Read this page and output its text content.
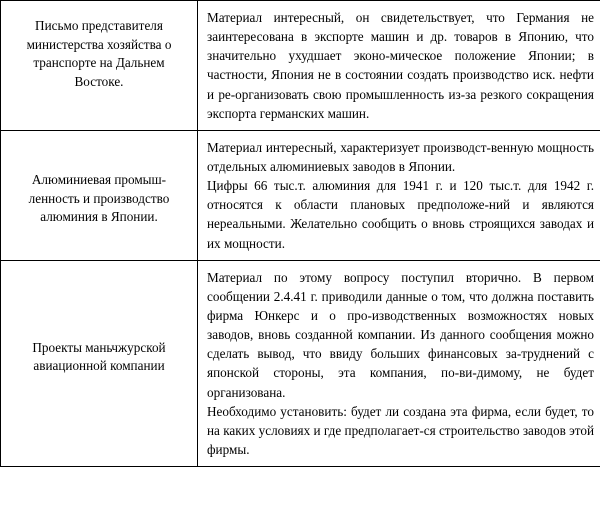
Письмо представителя министерства хозяйства о транспорте на Дальнем Востоке.	Материал интересный, он свидетельствует, что Германия не заинтересована в экспорте машин и др. товаров в Японию, что значительно ухудшает эконо-мическое положение Японии; в частности, Япония не в состоянии создать производство иск. нефти и ре-организовать свою промышленность из-за резкого сокращения экспорта германских машин.

Алюминиевая промыш-ленность и производство алюминия в Японии.	Материал интересный, характеризует производст-венную мощность отдельных алюминиевых заводов в Японии.

Цифры 66 тыс.т. алюминия для 1941 г. и 120 тыс.т. для 1942 г. относятся к области плановых предположе-ний и являются нереальными. Желательно сообщить о вновь строящихся заводах и их мощности.

Проекты маньчжурской авиационной компании	Материал по этому вопросу поступил вторично. В первом сообщении 2.4.41 г. приводили данные о том, что должна поставить фирма Юнкерс и о про-изводственных возможностях новых заводов, вновь созданной компании. Из данного сообщения можно сделать вывод, что ввиду больших финансовых за-труднений с японской стороны, эта компания, по-ви-димому, не будет организована.

Необходимо установить: будет ли создана эта фирма, если будет, то на каких условиях и где предполагает-ся строительство заводов этой фирмы.
